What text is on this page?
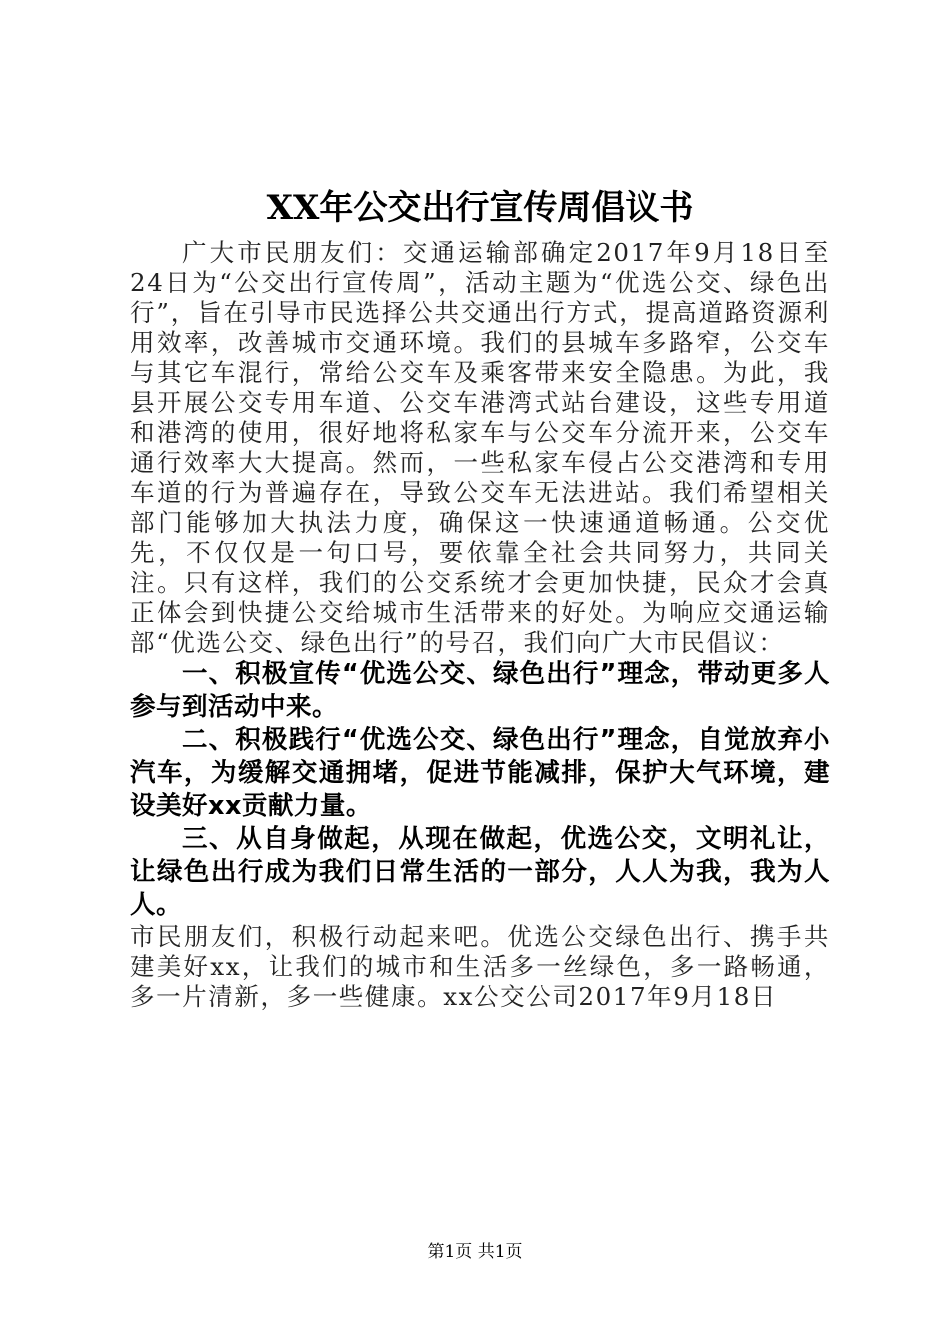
XX年公交出行宣传周倡议书

广大市民朋友们：交通运输部确定2017年9月18日至24日为“公交出行宣传周”，活动主题为“优选公交、绿色出行”，旨在引导市民选择公共交通出行方式，提高道路资源利用效率，改善城市交通环境。我们的县城车多路窄，公交车与其它车混行，常给公交车及乘客带来安全隐患。为此，我县开展公交专用车道、公交车港湾式站台建设，这些专用道和港湾的使用，很好地将私家车与公交车分流开来，公交车通行效率大大提高。然而，一些私家车侵占公交港湾和专用车道的行为普遍存在，导致公交车无法进站。我们希望相关部门能够加大执法力度，确保这一快速通道畅通。公交优先，不仅仅是一句口号，要依靠全社会共同努力，共同关注。只有这样，我们的公交系统才会更加快捷，民众才会真正体会到快捷公交给城市生活带来的好处。为响应交通运输部“优选公交、绿色出行”的号召，我们向广大市民倡议：

一、积极宣传“优选公交、绿色出行”理念，带动更多人参与到活动中来。

二、积极践行“优选公交、绿色出行”理念，自觉放弃小汽车，为缓解交通拥堵，促进节能减排，保护大气环境，建设美好xx贡献力量。

三、从自身做起，从现在做起，优选公交，文明礼让，让绿色出行成为我们日常生活的一部分，人人为我，我为人人。

市民朋友们，积极行动起来吧。优选公交绿色出行、携手共建美好xx，让我们的城市和生活多一丝绿色，多一路畅通，多一片清新，多一些健康。xx公交公司2017年9月18日

第1页 共1页
